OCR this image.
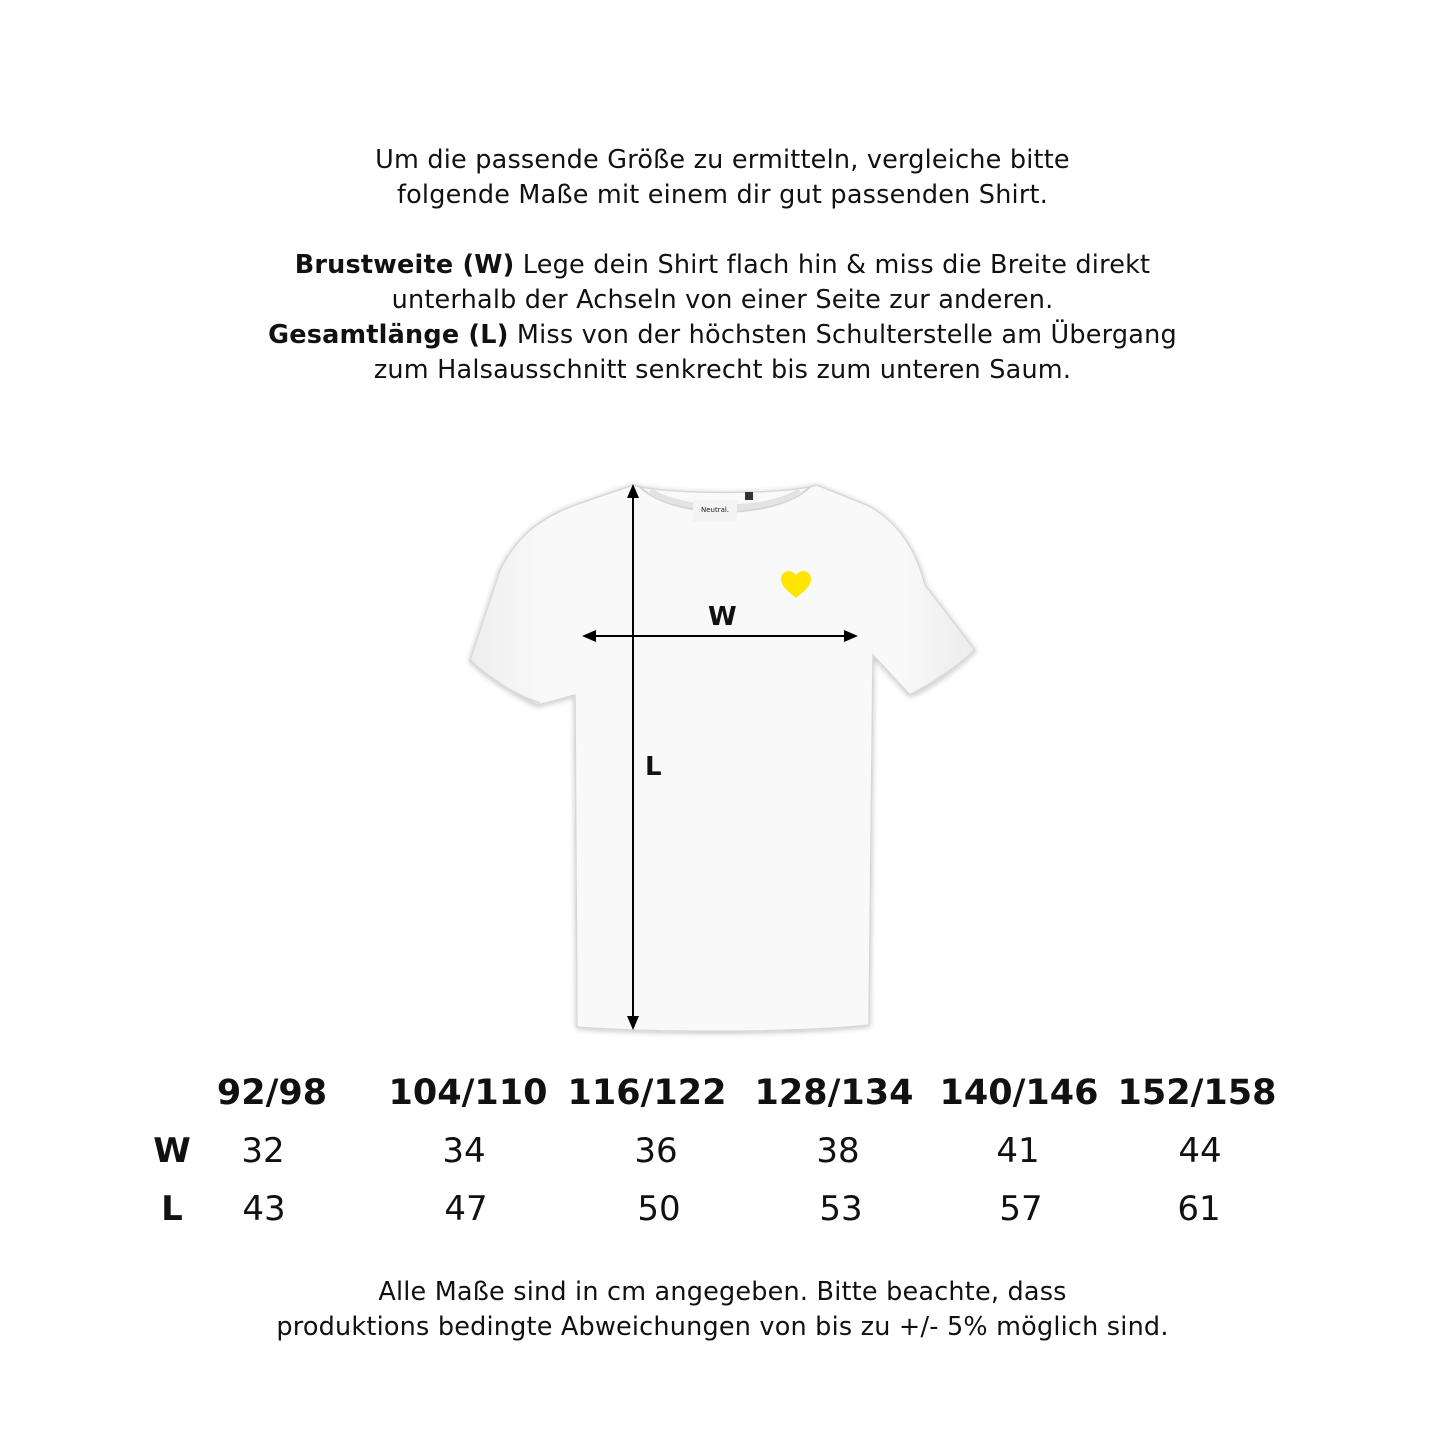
Um die passende Größe zu ermitteln, vergleiche bitte

folgende Maße mit einem dir gut passenden Shirt.

Brustweite (W) Lege dein Shirt flach hin & miss die Breite direkt

unterhalb der Achseln von einer Seite zur anderen.

Gesamtlänge (L) Miss von der höchsten Schulterstelle am Übergang

zum Halsausschnitt senkrecht bis zum unteren Saum.

Neutral.
W
L
92/98	104/110 116/122 128/134 140/146 152/158
W	32	34	36	38	41	44
L	43	47	50	53	57	61

Alle Maße sind in cm angegeben. Bitte beachte, dass

produktions bedingte Abweichungen von bis zu +/- 5% möglich sind.
